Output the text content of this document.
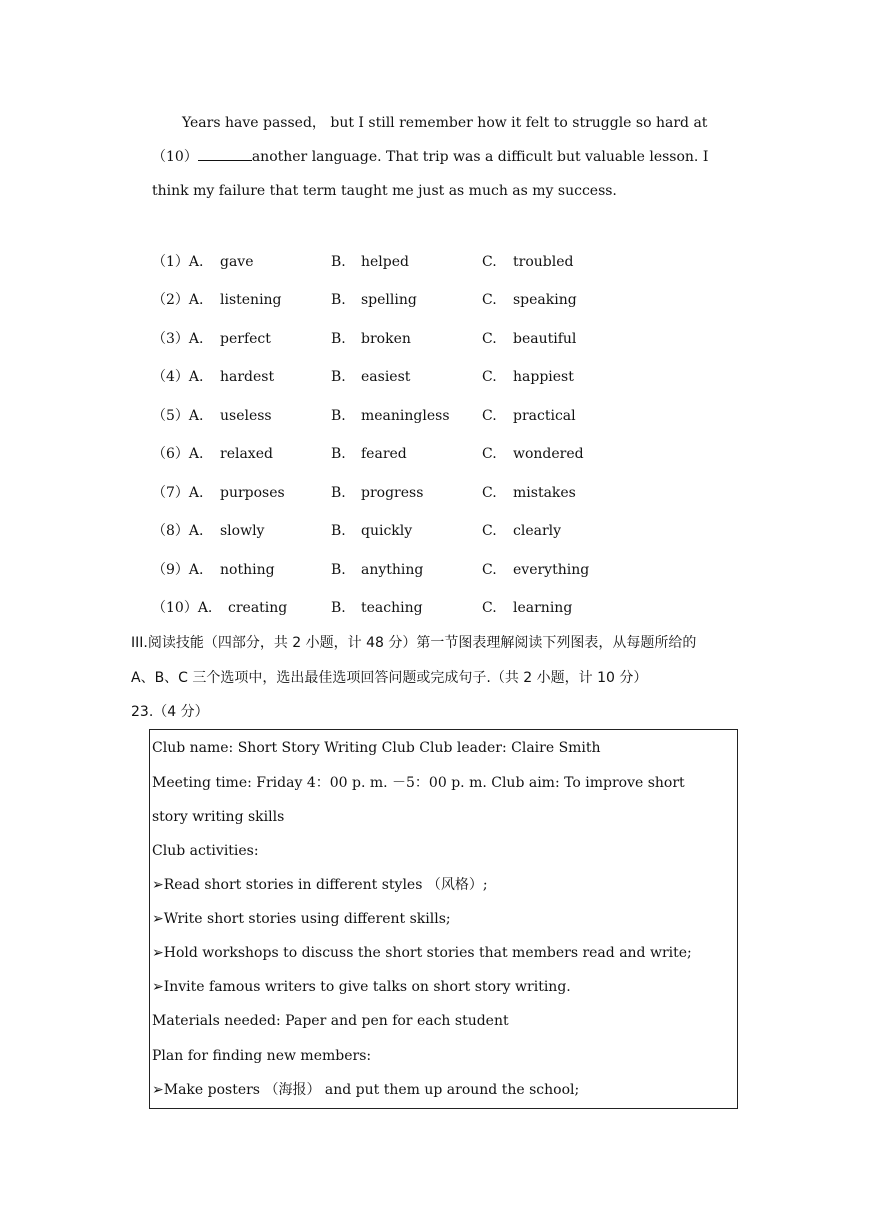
Years have passed， but I still remember how it felt to struggle so hard at
（10）	another language. That trip was a difficult but valuable lesson. I
think my failure that term taught me just as much as my success.
（1）A. gave	B. helped	C. troubled
（2）A. listening	B. spelling	C. speaking
（3）A. perfect	B. broken	C. beautiful
（4）A. hardest	B. easiest	C. happiest
（5）A. useless	B. meaningless C. practical
（6）A. relaxed	B. feared	C. wondered
（7）A. purposes	B. progress	C. mistakes
（8）A. slowly	B. quickly	C. clearly
（9）A. nothing	B. anything	C. everything
（10）A. creating	B. teaching	C. learning
III.阅读技能（四部分，共 2 小题，计 48 分）第一节图表理解阅读下列图表，从每题所给的
A、B、C 三个选项中，选出最佳选项回答问题或完成句子.（共 2 小题，计 10 分）
23.（4 分）
Club name: Short Story Writing Club Club leader: Claire Smith
Meeting time: Friday 4：00 p. m. －5：00 p. m. Club aim: To improve short
story writing skills
Club activities:
➢Read short stories in different styles （风格）;
➢Write short stories using different skills;
➢Hold workshops to discuss the short stories that members read and write;
➢Invite famous writers to give talks on short story writing.
Materials needed: Paper and pen for each student
Plan for finding new members:
➢Make posters （海报） and put them up around the school;
